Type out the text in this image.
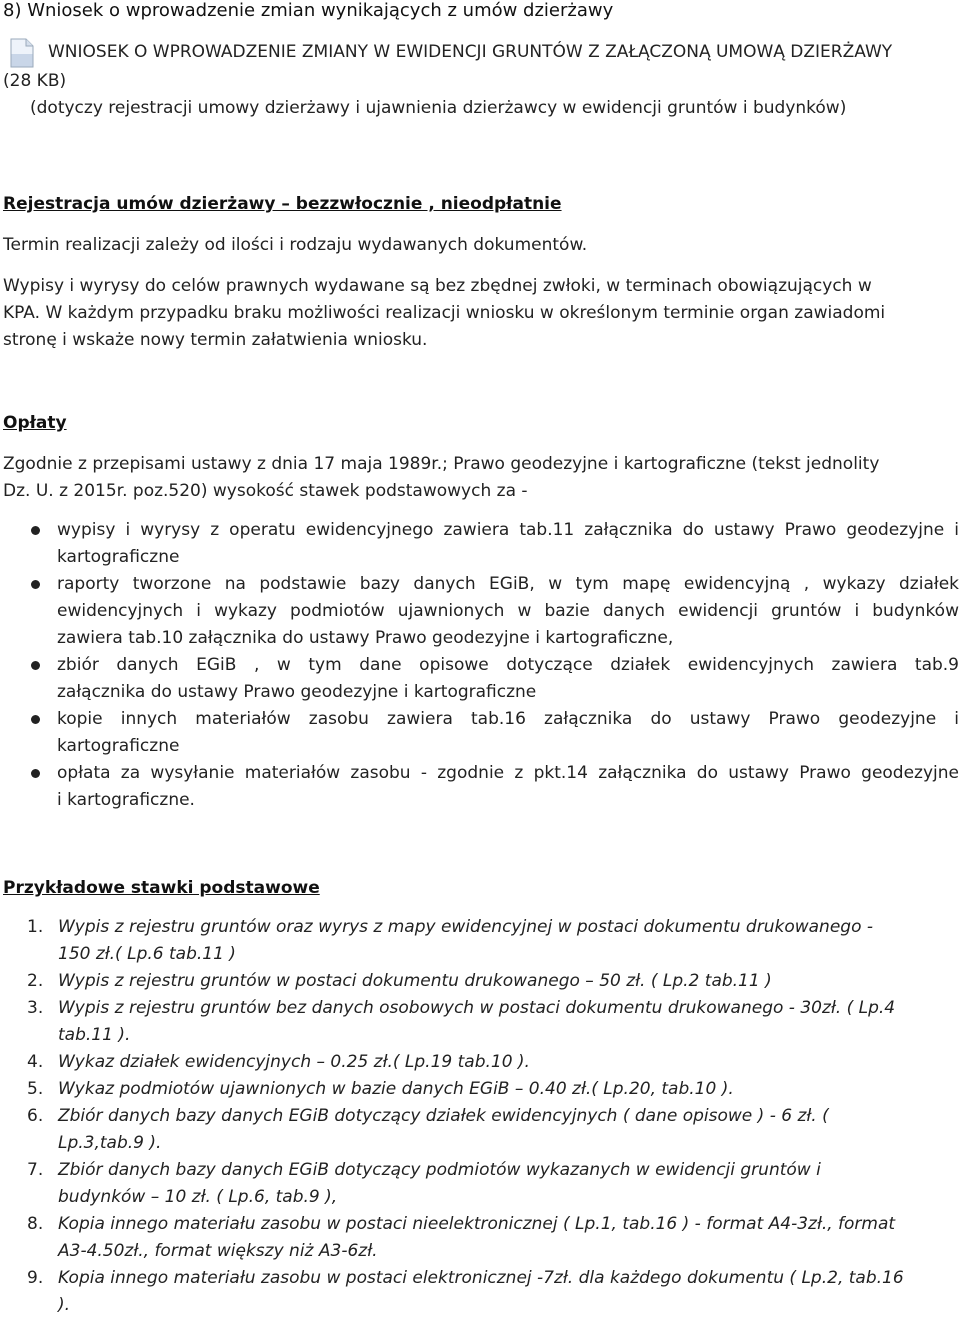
8) Wniosek o wprowadzenie zmian wynikających z umów dzierżawy
WNIOSEK O WPROWADZENIE ZMIANY W EWIDENCJI GRUNTÓW Z ZAŁĄCZONĄ UMOWĄ DZIERŻAWY
(28 KB)
(dotyczy rejestracji umowy dzierżawy i ujawnienia dzierżawcy w ewidencji gruntów i budynków)
Rejestracja umów dzierżawy – bezzwłocznie , nieodpłatnie
Termin realizacji zależy od ilości i rodzaju wydawanych dokumentów.
Wypisy i wyrysy do celów prawnych wydawane są bez zbędnej zwłoki, w terminach obowiązujących w
KPA. W każdym przypadku braku możliwości realizacji wniosku w określonym terminie organ zawiadomi
stronę i wskaże nowy termin załatwienia wniosku.
Opłaty
Zgodnie z przepisami ustawy z dnia 17 maja 1989r.; Prawo geodezyjne i kartograficzne (tekst jednolity
Dz. U. z 2015r. poz.520) wysokość stawek podstawowych za -
wypisy i wyrysy z operatu ewidencyjnego zawiera tab.11 załącznika do ustawy Prawo geodezyjne i
kartograficzne
raporty tworzone na podstawie bazy danych EGiB, w tym mapę ewidencyjną , wykazy działek
ewidencyjnych i wykazy podmiotów ujawnionych w bazie danych ewidencji gruntów i budynków
zawiera tab.10 załącznika do ustawy Prawo geodezyjne i kartograficzne,
zbiór danych EGiB , w tym dane opisowe dotyczące działek ewidencyjnych zawiera tab.9
załącznika do ustawy Prawo geodezyjne i kartograficzne
kopie innych materiałów zasobu zawiera tab.16 załącznika do ustawy Prawo geodezyjne i
kartograficzne
opłata za wysyłanie materiałów zasobu - zgodnie z pkt.14 załącznika do ustawy Prawo geodezyjne
i kartograficzne.
Przykładowe stawki podstawowe
1. Wypis z rejestru gruntów oraz wyrys z mapy ewidencyjnej w postaci dokumentu drukowanego -
150 zł.( Lp.6 tab.11 )
2. Wypis z rejestru gruntów w postaci dokumentu drukowanego – 50 zł. ( Lp.2 tab.11 )
3. Wypis z rejestru gruntów bez danych osobowych w postaci dokumentu drukowanego - 30zł. ( Lp.4
tab.11 ).
4. Wykaz działek ewidencyjnych – 0.25 zł.( Lp.19 tab.10 ).
5. Wykaz podmiotów ujawnionych w bazie danych EGiB – 0.40 zł.( Lp.20, tab.10 ).
6. Zbiór danych bazy danych EGiB dotyczący działek ewidencyjnych ( dane opisowe ) - 6 zł. (
Lp.3,tab.9 ).
7. Zbiór danych bazy danych EGiB dotyczący podmiotów wykazanych w ewidencji gruntów i
budynków – 10 zł. ( Lp.6, tab.9 ),
8. Kopia innego materiału zasobu w postaci nieelektronicznej ( Lp.1, tab.16 ) - format A4-3zł., format
A3-4.50zł., format większy niż A3-6zł.
9. Kopia innego materiału zasobu w postaci elektronicznej -7zł. dla każdego dokumentu ( Lp.2, tab.16
).
